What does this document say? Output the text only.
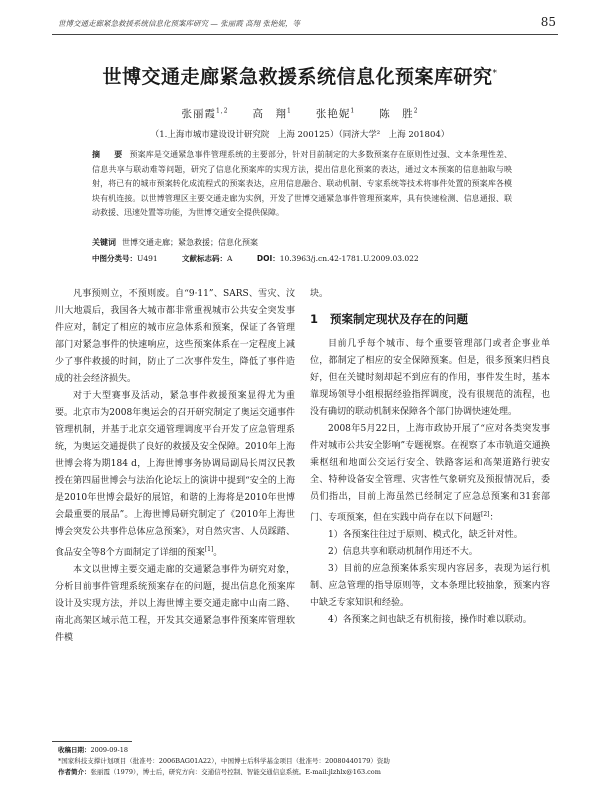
世博交通走廊紧急救援系统信息化预案库研究 — 张丽霞 高翔 张艳妮，等	85
世博交通走廊紧急救援系统信息化预案库研究*
张丽霞$^{1,2}$ 高　翔$^1$ 张艳妮$^1$ 陈　胜$^2$
（1.上海市城市建设设计研究院　上海 200125）（同济大学²　上海 201804）
摘　要 预案库是交通紧急事件管理系统的主要部分，针对目前制定的大多数预案存在原则性过强、文本条理性差、信息共享与联动难等问题，研究了信息化预案库的实现方法，提出信息化预案的表达，通过文本预案的信息抽取与映射，将已有的城市预案转化成流程式的预案表达，应用信息融合、联动机制、专家系统等技术将事件处置的预案库各模块有机连接。以世博管理区主要交通走廊为实例，开发了世博交通紧急事件管理预案库，具有快速检测、信息通报、联动救援、迅速处置等功能，为世博交通安全提供保障。
关键词 世博交通走廊；紧急救援；信息化预案
中图分类号：U491	文献标志码：A	DOI：10.3963/j.cn.42-1781.U.2009.03.022

凡事预则立，不预则废。自“9·11”、SARS、雪灾、汶川大地震后，我国各大城市都非常重视城市公共安全突发事件应对，制定了相应的城市应急体系和预案，保证了各管理部门对紧急事件的快速响应，这些预案体系在一定程度上减少了事件救援的时间，防止了二次事件发生，降低了事件造成的社会经济损失。

对于大型赛事及活动，紧急事件救援预案显得尤为重要。北京市为2008年奥运会的召开研究制定了奥运交通事件管理机制，并基于北京交通管理调度平台开发了应急管理系统，为奥运交通提供了良好的救援及安全保障。2010年上海世博会将为期184 d，上海世博事务协调局副局长周汉民教授在第四届世博会与法治化论坛上的演讲中提到“安全的上海是2010年世博会最好的展馆，和谐的上海将是2010年世博会最重要的展品”。上海世博局研究制定了《2010年上海世博会突发公共事件总体应急预案》，对自然灾害、人员踩踏、食品安全等8个方面制定了详细的预案[1]。

本文以世博主要交通走廊的交通紧急事件为研究对象，分析目前事件管理系统预案存在的问题，提出信息化预案库设计及实现方法，并以上海世博主要交通走廊中山南二路、南北高架区域示范工程，开发其交通紧急事件预案库管理软件模

块。

1 预案制定现状及存在的问题

目前几乎每个城市、每个重要管理部门或者企事业单位，都制定了相应的安全保障预案。但是，很多预案归档良好，但在关键时刻却起不到应有的作用，事件发生时，基本靠现场领导小组根据经验指挥调度，没有很规范的流程，也没有确切的联动机制来保障各个部门协调快速处理。

2008年5月22日，上海市政协开展了“应对各类突发事件对城市公共安全影响”专题视察。在视察了本市轨道交通换乘枢纽和地面公交运行安全、铁路客运和高架道路行驶安全、特种设备安全管理、灾害性气象研究及预报情况后，委员们指出，目前上海虽然已经制定了应急总预案和31套部门、专项预案，但在实践中尚存在以下问题[2]：

1）各预案往往过于原则、模式化，缺乏针对性。

2）信息共享和联动机制作用还不大。

3）目前的应急预案体系实现内容居多，表现为运行机制、应急管理的指导原则等，文本条理比较抽象，预案内容中缺乏专家知识和经验。

4）各预案之间也缺乏有机衔接，操作时难以联动。

收稿日期：2009-09-18
*国家科技支撑计划项目（批准号：2006BAG01A22），中国博士后科学基金项目（批准号：20080440179）资助
作者简介：张丽霞（1979），博士后，研究方向：交通信号控制、智能交通信息系统。E-mail:jlzhlx@163.com
